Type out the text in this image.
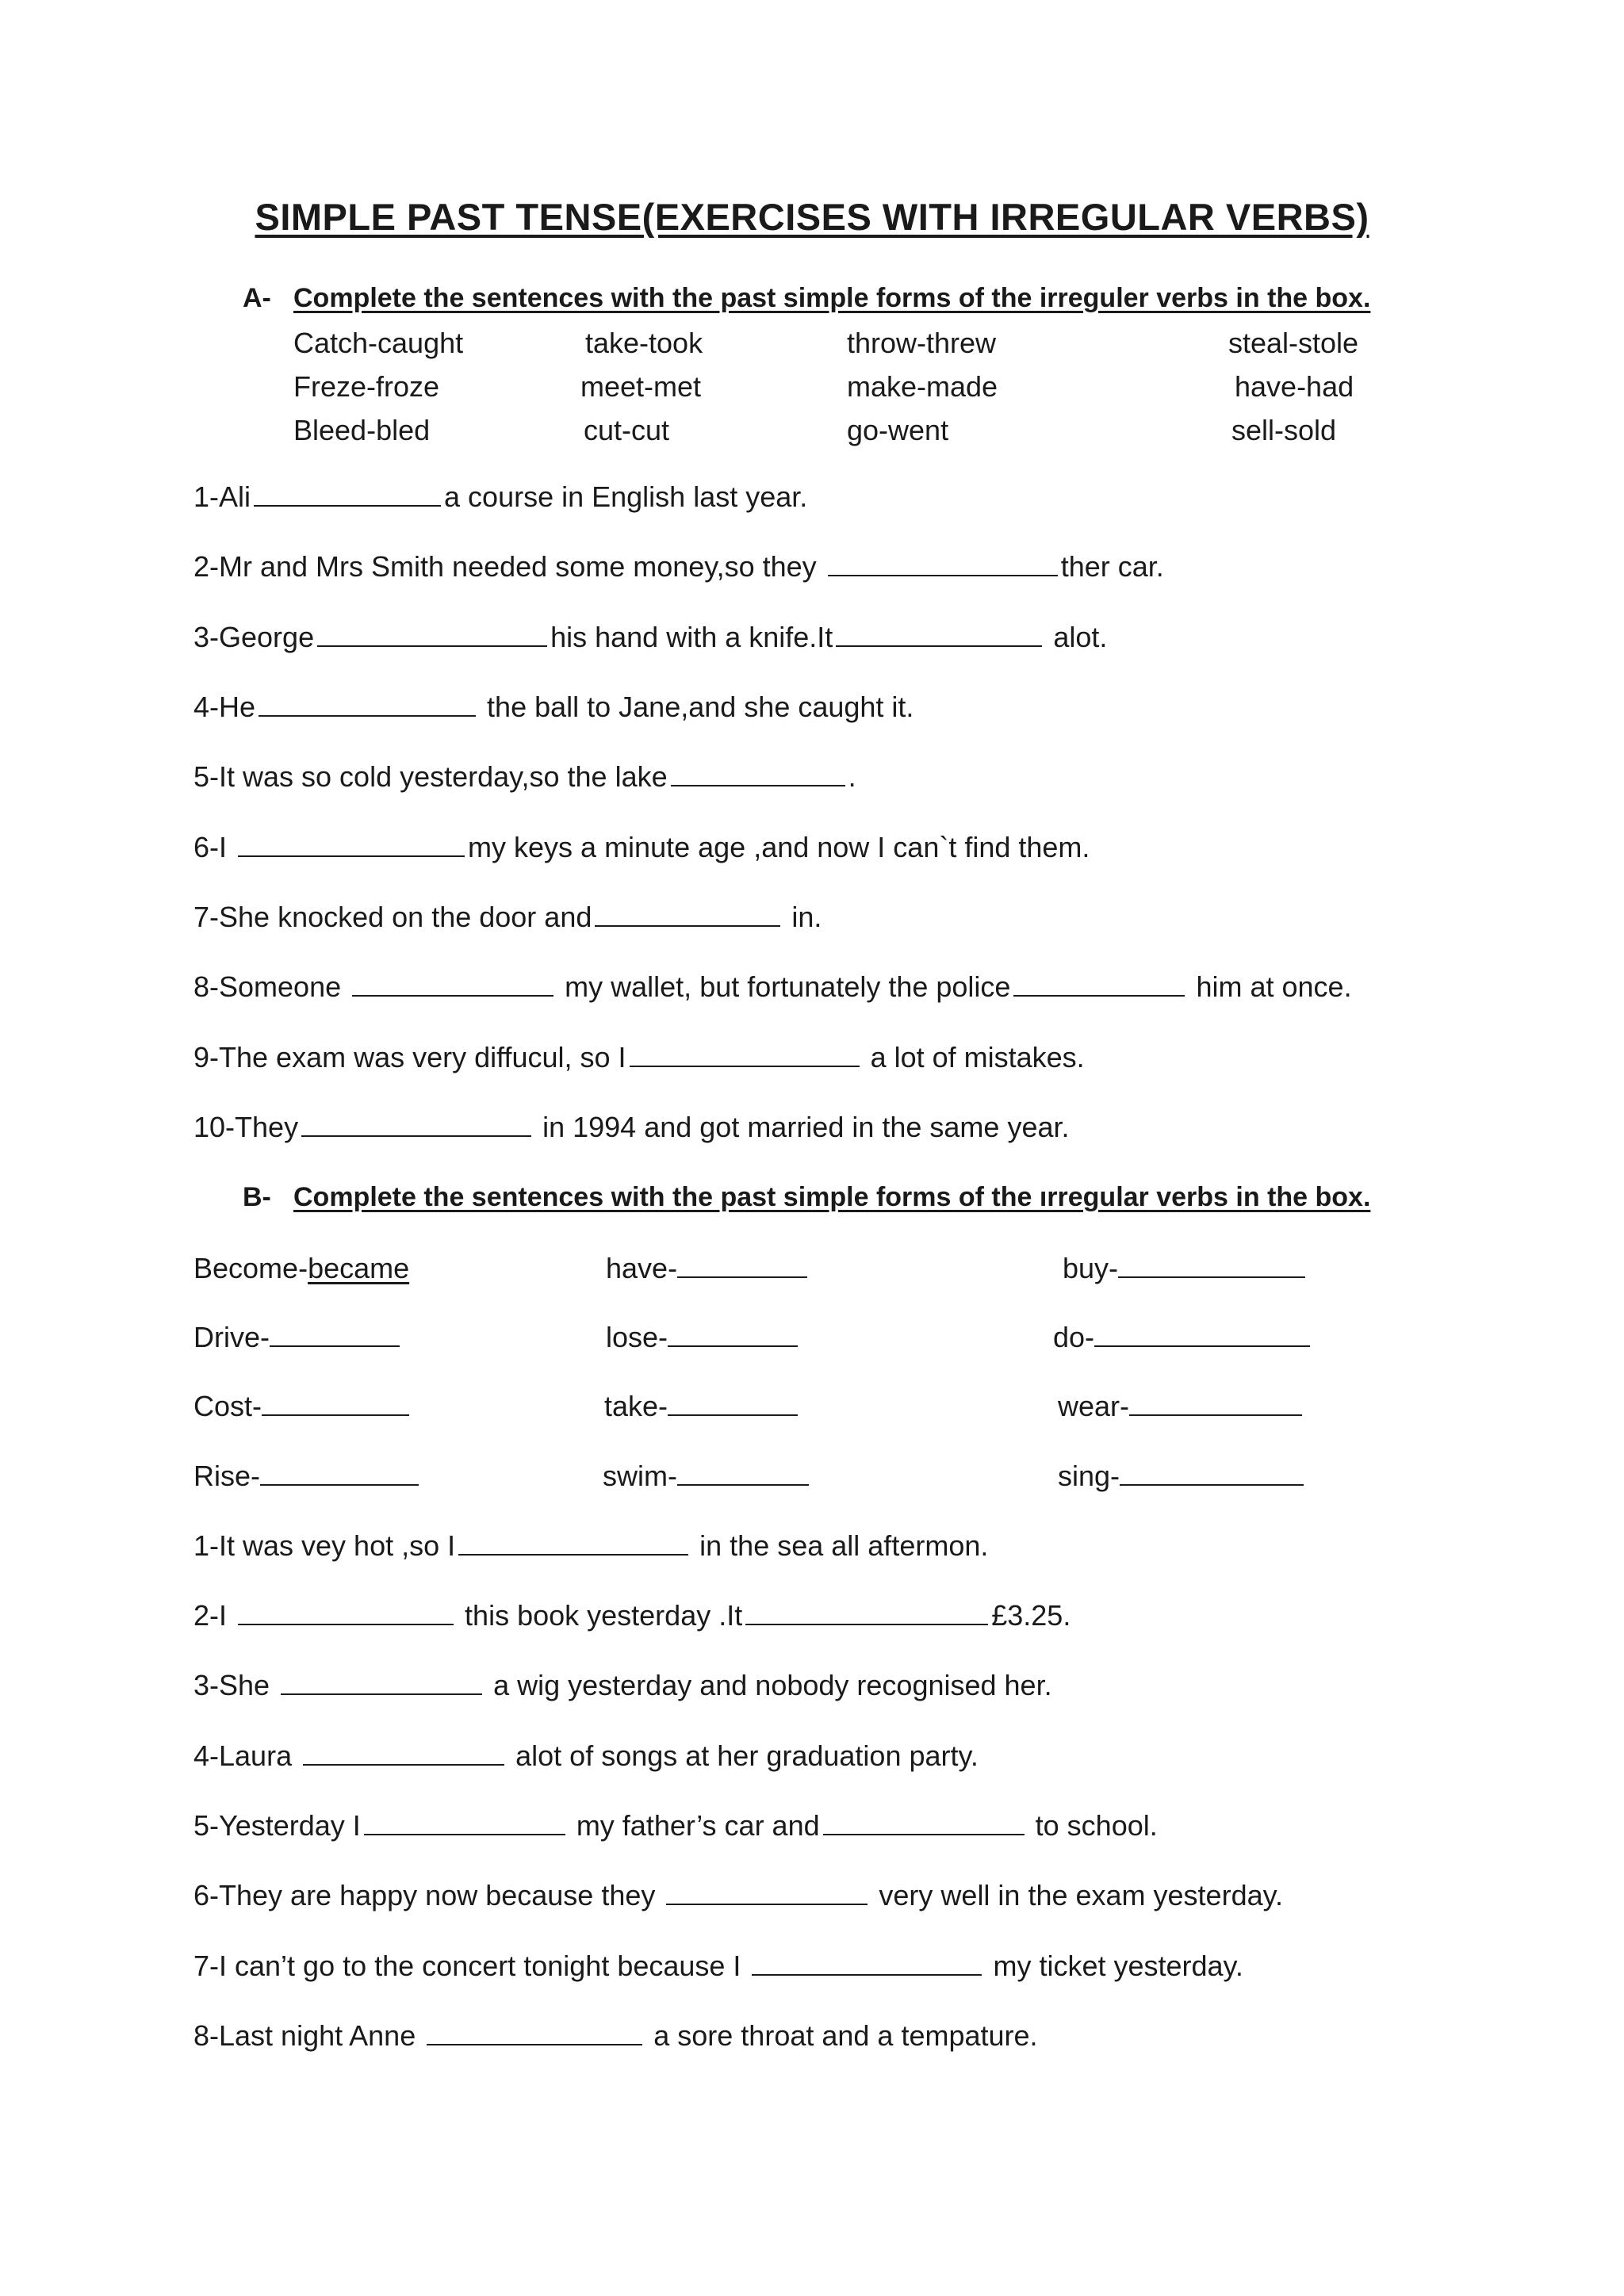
SIMPLE PAST TENSE(EXERCISES WITH IRREGULAR VERBS)
A- Complete the sentences with the past simple forms of the irreguler verbs in the box.
Catch-caught	take-took	throw-threw	steal-stole
Freze-froze	meet-met	make-made	have-had
Bleed-bled	cut-cut	go-went	sell-sold
1-Ali	a course in English last year.
2-Mr and Mrs Smith needed some money,so they	ther car.
3-George	his hand with a knife.It	alot.
4-He	the ball to Jane,and she caught it.
5-It was so cold yesterday,so the lake	.
6-I	my keys a minute age ,and now I can`t find them.
7-She knocked on the door and	in.
8-Someone	my wallet, but fortunately the police	him at once.
9-The exam was very diffucul, so I	a lot of mistakes.
10-They	in 1994 and got married in the same year.
B- Complete the sentences with the past simple forms of the ırregular verbs in the box.
Become-became	have-	buy-
Drive-	lose-	do-
Cost-	take-	wear-
Rise-	swim-	sing-
1-It was vey hot ,so I	in the sea all aftermon.
2-I	this book yesterday .It	£3.25.
3-She	a wig yesterday and nobody recognised her.
4-Laura	alot of songs at her graduation party.
5-Yesterday I	my father’s car and	to school.
6-They are happy now because they	very well in the exam yesterday.
7-I can’t go to the concert tonight because I	my ticket yesterday.
8-Last night Anne	a sore throat and a tempature.
